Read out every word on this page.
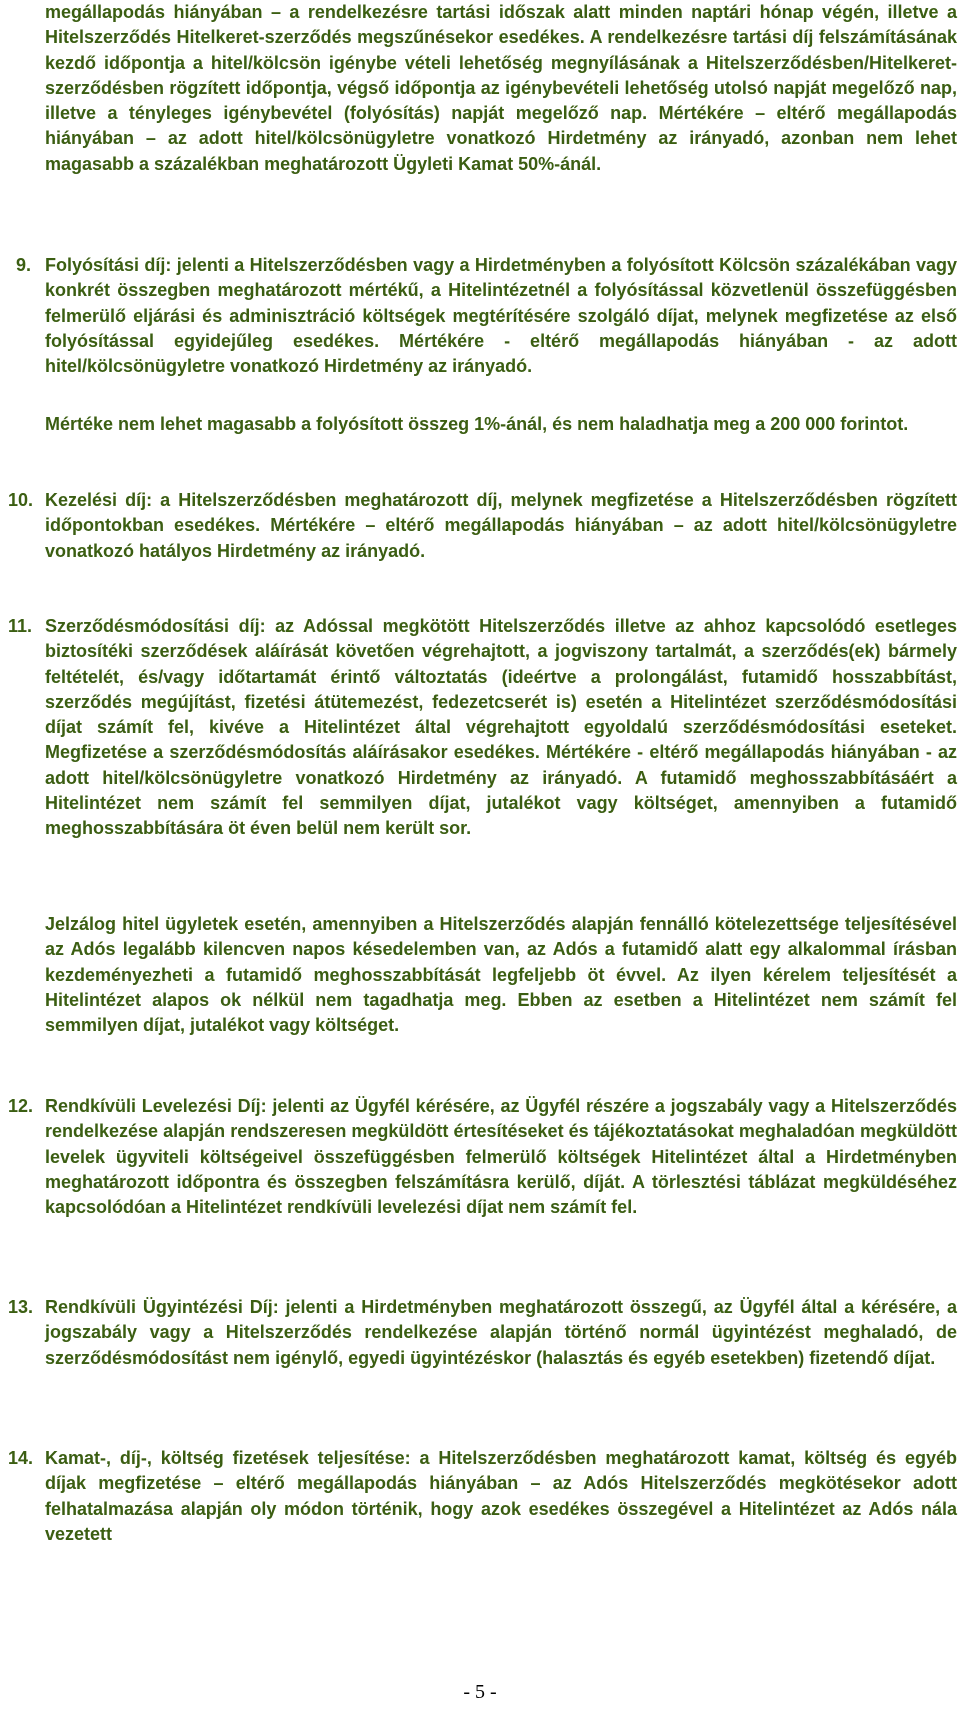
megállapodás hiányában – a rendelkezésre tartási időszak alatt minden naptári hónap végén, illetve a Hitelszerződés Hitelkeret-szerződés megszűnésekor esedékes. A rendelkezésre tartási díj felszámításának kezdő időpontja a hitel/kölcsön igénybe vételi lehetőség megnyílásának a Hitelszerződésben/Hitelkeret-szerződésben rögzített időpontja, végső időpontja az igénybevételi lehetőség utolsó napját megelőző nap, illetve a tényleges igénybevétel (folyósítás) napját megelőző nap. Mértékére – eltérő megállapodás hiányában – az adott hitel/kölcsönügyletre vonatkozó Hirdetmény az irányadó, azonban nem lehet magasabb a százalékban meghatározott Ügyleti Kamat 50%-ánál.

9. Folyósítási díj: jelenti a Hitelszerződésben vagy a Hirdetményben a folyósított Kölcsön százalékában vagy konkrét összegben meghatározott mértékű, a Hitelintézetnél a folyósítással közvetlenül összefüggésben felmerülő eljárási és adminisztráció költségek megtérítésére szolgáló díjat, melynek megfizetése az első folyósítással egyidejűleg esedékes. Mértékére - eltérő megállapodás hiányában - az adott hitel/kölcsönügyletre vonatkozó Hirdetmény az irányadó.

Mértéke nem lehet magasabb a folyósított összeg 1%-ánál, és nem haladhatja meg a 200 000 forintot.

10. Kezelési díj: a Hitelszerződésben meghatározott díj, melynek megfizetése a Hitelszerződésben rögzített időpontokban esedékes. Mértékére – eltérő megállapodás hiányában – az adott hitel/kölcsönügyletre vonatkozó hatályos Hirdetmény az irányadó.

11. Szerződésmódosítási díj: az Adóssal megkötött Hitelszerződés illetve az ahhoz kapcsolódó esetleges biztosítéki szerződések aláírását követően végrehajtott, a jogviszony tartalmát, a szerződés(ek) bármely feltételét, és/vagy időtartamát érintő változtatás (ideértve a prolongálást, futamidő hosszabbítást, szerződés megújítást, fizetési átütemezést, fedezetcserét is) esetén a Hitelintézet szerződésmódosítási díjat számít fel, kivéve a Hitelintézet által végrehajtott egyoldalú szerződésmódosítási eseteket. Megfizetése a szerződésmódosítás aláírásakor esedékes. Mértékére - eltérő megállapodás hiányában - az adott hitel/kölcsönügyletre vonatkozó Hirdetmény az irányadó. A futamidő meghosszabbításáért a Hitelintézet nem számít fel semmilyen díjat, jutalékot vagy költséget, amennyiben a futamidő meghosszabbítására öt éven belül nem került sor.

Jelzálog hitel ügyletek esetén, amennyiben a Hitelszerződés alapján fennálló kötelezettsége teljesítésével az Adós legalább kilencven napos késedelemben van, az Adós a futamidő alatt egy alkalommal írásban kezdeményezheti a futamidő meghosszabbítását legfeljebb öt évvel. Az ilyen kérelem teljesítését a Hitelintézet alapos ok nélkül nem tagadhatja meg. Ebben az esetben a Hitelintézet nem számít fel semmilyen díjat, jutalékot vagy költséget.

12. Rendkívüli Levelezési Díj: jelenti az Ügyfél kérésére, az Ügyfél részére a jogszabály vagy a Hitelszerződés rendelkezése alapján rendszeresen megküldött értesítéseket és tájékoztatásokat meghaladóan megküldött levelek ügyviteli költségeivel összefüggésben felmerülő költségek Hitelintézet által a Hirdetményben meghatározott időpontra és összegben felszámításra kerülő, díját. A törlesztési táblázat megküldéséhez kapcsolódóan a Hitelintézet rendkívüli levelezési díjat nem számít fel.

13. Rendkívüli Ügyintézési Díj: jelenti a Hirdetményben meghatározott összegű, az Ügyfél által a kérésére, a jogszabály vagy a Hitelszerződés rendelkezése alapján történő normál ügyintézést meghaladó, de szerződésmódosítást nem igénylő, egyedi ügyintézéskor (halasztás és egyéb esetekben) fizetendő díjat.

14. Kamat-, díj-, költség fizetések teljesítése: a Hitelszerződésben meghatározott kamat, költség és egyéb díjak megfizetése – eltérő megállapodás hiányában – az Adós Hitelszerződés megkötésekor adott felhatalmazása alapján oly módon történik, hogy azok esedékes összegével a Hitelintézet az Adós nála vezetett

- 5 -
